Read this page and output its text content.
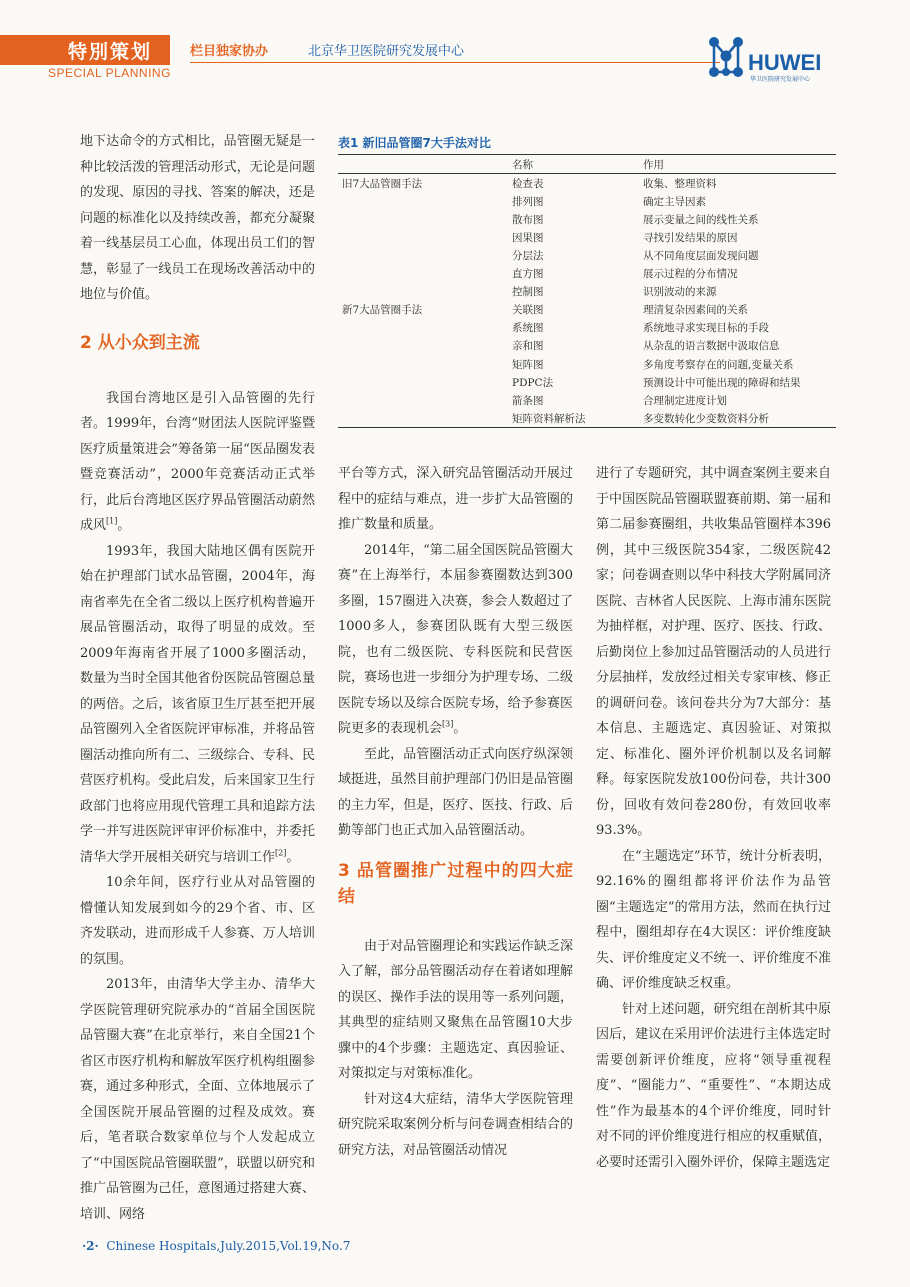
特別策划
SPECIAL PLANNING
栏目独家协办	北京华卫医院研究发展中心	HUWEI
华卫医院研究发展中心

地下达命令的方式相比，品管圈无疑是一种比较活泼的管理活动形式，无论是问题的发现、原因的寻找、答案的解决，还是问题的标准化以及持续改善，都充分凝聚着一线基层员工心血，体现出员工们的智慧，彰显了一线员工在现场改善活动中的地位与价值。

2 从小众到主流

我国台湾地区是引入品管圈的先行者。1999年，台湾“财团法人医院评鉴暨医疗质量策进会”筹备第一届“医品圈发表暨竞赛活动”，2000年竞赛活动正式举行，此后台湾地区医疗界品管圈活动蔚然成风[1]。

1993年，我国大陆地区偶有医院开始在护理部门试水品管圈，2004年，海南省率先在全省二级以上医疗机构普遍开展品管圈活动，取得了明显的成效。至2009年海南省开展了1000多圈活动，数量为当时全国其他省份医院品管圈总量的两倍。之后，该省原卫生厅甚至把开展品管圈列入全省医院评审标准，并将品管圈活动推向所有二、三级综合、专科、民营医疗机构。受此启发，后来国家卫生行政部门也将应用现代管理工具和追踪方法学一并写进医院评审评价标准中，并委托清华大学开展相关研究与培训工作[2]。

10余年间，医疗行业从对品管圈的懵懂认知发展到如今的29个省、市、区齐发联动，进而形成千人参赛、万人培训的氛围。

2013年，由清华大学主办、清华大学医院管理研究院承办的“首届全国医院品管圈大赛”在北京举行，来自全国21个省区市医疗机构和解放军医疗机构组圈参赛，通过多种形式，全面、立体地展示了全国医院开展品管圈的过程及成效。赛后，笔者联合数家单位与个人发起成立了“中国医院品管圈联盟”，联盟以研究和推广品管圈为己任，意图通过搭建大赛、培训、网络

表1 新旧品管圈7大手法对比
	名称	作用
旧7大品管圈手法	检查表	收集、整理资料
	排列图	确定主导因素
	散布图	展示变量之间的线性关系
	因果图	寻找引发结果的原因
	分层法	从不同角度层面发现问题
	直方图	展示过程的分布情况
	控制图	识别波动的来源
新7大品管圈手法	关联图	理清复杂因素间的关系
	系统图	系统地寻求实现目标的手段
	亲和图	从杂乱的语言数据中汲取信息
	矩阵图	多角度考察存在的问题,变量关系
	PDPC法	预测设计中可能出现的障碍和结果
	箭条图	合理制定进度计划
	矩阵资料解析法	多变数转化少变数资料分析

平台等方式，深入研究品管圈活动开展过程中的症结与难点，进一步扩大品管圈的推广数量和质量。

2014年，“第二届全国医院品管圈大赛”在上海举行，本届参赛圈数达到300多圈，157圈进入决赛，参会人数超过了1000多人，参赛团队既有大型三级医院，也有二级医院、专科医院和民营医院，赛场也进一步细分为护理专场、二级医院专场以及综合医院专场，给予参赛医院更多的表现机会[3]。

至此，品管圈活动正式向医疗纵深领域挺进，虽然目前护理部门仍旧是品管圈的主力军，但是，医疗、医技、行政、后勤等部门也正式加入品管圈活动。

3 品管圈推广过程中的四大症结

由于对品管圈理论和实践运作缺乏深入了解，部分品管圈活动存在着诸如理解的误区、操作手法的误用等一系列问题，其典型的症结则又聚焦在品管圈10大步骤中的4个步骤：主题选定、真因验证、对策拟定与对策标准化。

针对这4大症结，清华大学医院管理研究院采取案例分析与问卷调查相结合的研究方法，对品管圈活动情况

进行了专题研究，其中调查案例主要来自于中国医院品管圈联盟赛前期、第一届和第二届参赛圈组，共收集品管圈样本396例，其中三级医院354家，二级医院42家；问卷调查则以华中科技大学附属同济医院、吉林省人民医院、上海市浦东医院为抽样框，对护理、医疗、医技、行政、后勤岗位上参加过品管圈活动的人员进行分层抽样，发放经过相关专家审核、修正的调研问卷。该问卷共分为7大部分：基本信息、主题选定、真因验证、对策拟定、标准化、圈外评价机制以及名词解释。每家医院发放100份问卷，共计300份，回收有效问卷280份，有效回收率93.3%。

在“主题选定”环节，统计分析表明，92.16%的圈组都将评价法作为品管圈“主题选定”的常用方法，然而在执行过程中，圈组却存在4大误区：评价维度缺失、评价维度定义不统一、评价维度不准确、评价维度缺乏权重。

针对上述问题，研究组在剖析其中原因后，建议在采用评价法进行主体选定时需要创新评价维度，应将“领导重视程度”、“圈能力”、“重要性”、“本期达成性”作为最基本的4个评价维度，同时针对不同的评价维度进行相应的权重赋值，必要时还需引入圈外评价，保障主题选定

·2· Chinese Hospitals,July.2015,Vol.19,No.7
